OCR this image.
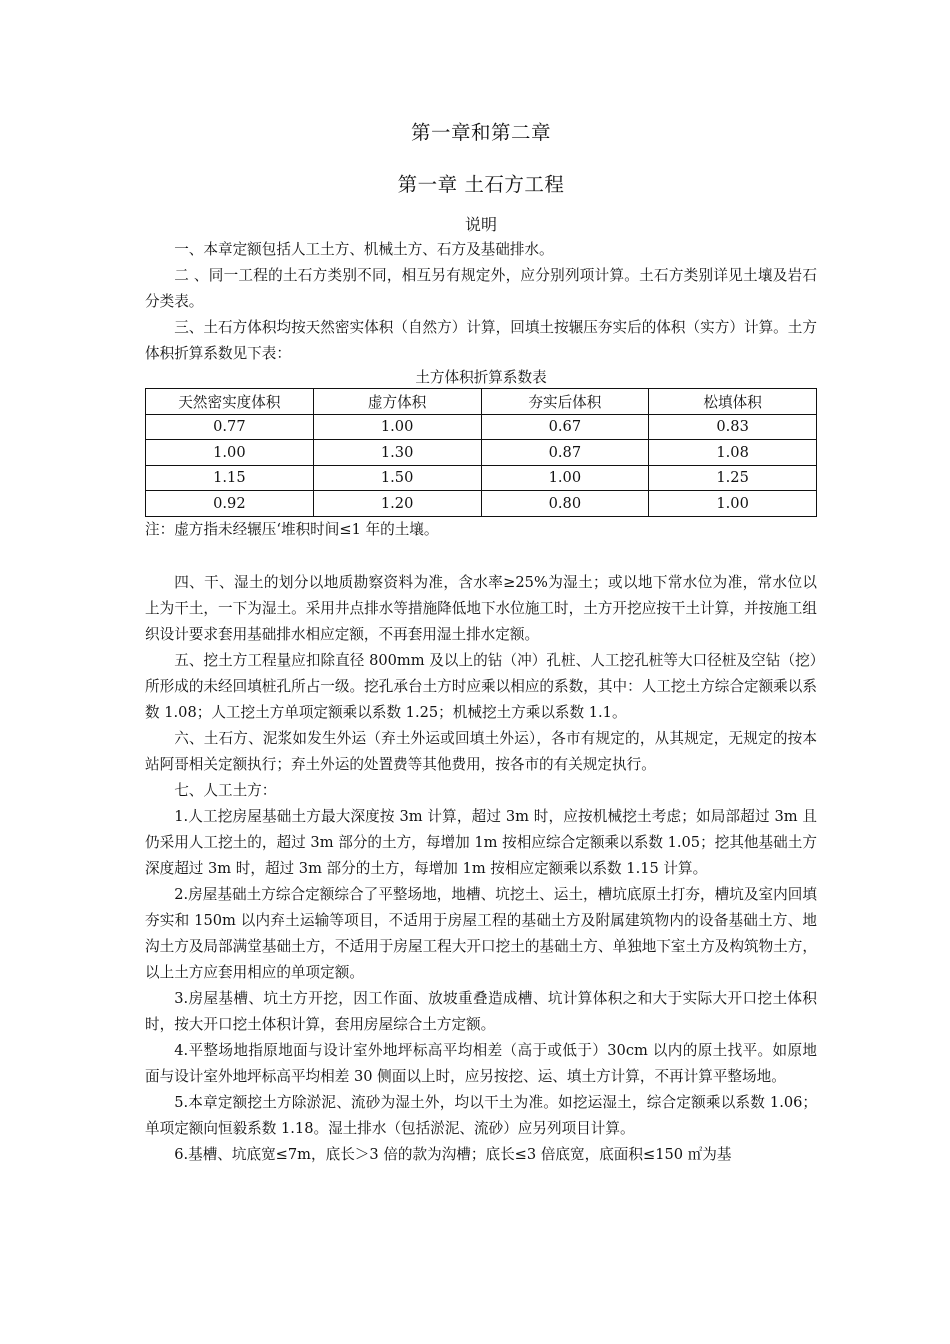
第一章和第二章
第一章 土石方工程
说明

一、本章定额包括人工土方、机械土方、石方及基础排水。

二 、同一工程的土石方类别不同，相互另有规定外，应分别列项计算。土石方类别详见土壤及岩石分类表。

三、土石方体积均按天然密实体积（自然方）计算，回填土按辗压夯实后的体积（实方）计算。土方体积折算系数见下表：

土方体积折算系数表
天然密实度体积	虚方体积	夯实后体积	松填体积
0.77	1.00	0.67	0.83
1.00	1.30	0.87	1.08
1.15	1.50	1.00	1.25
0.92	1.20	0.80	1.00
注：虚方指未经辗压‘堆积时间≤1 年的土壤。

四、干、湿土的划分以地质勘察资料为准，含水率≥25%为湿土；或以地下常水位为准，常水位以上为干土，一下为湿土。采用井点排水等措施降低地下水位施工时，土方开挖应按干土计算，并按施工组织设计要求套用基础排水相应定额，不再套用湿土排水定额。

五、挖土方工程量应扣除直径 800mm 及以上的钻（冲）孔桩、人工挖孔桩等大口径桩及空钻（挖）所形成的未经回填桩孔所占一级。挖孔承台土方时应乘以相应的系数，其中：人工挖土方综合定额乘以系数 1.08；人工挖土方单项定额乘以系数 1.25；机械挖土方乘以系数 1.1。

六、土石方、泥浆如发生外运（弃土外运或回填土外运），各市有规定的，从其规定，无规定的按本站阿哥相关定额执行；弃土外运的处置费等其他费用，按各市的有关规定执行。

七、人工土方：

1.人工挖房屋基础土方最大深度按 3m 计算，超过 3m 时，应按机械挖土考虑；如局部超过 3m 且仍采用人工挖土的，超过 3m 部分的土方，每增加 1m 按相应综合定额乘以系数 1.05；挖其他基础土方深度超过 3m 时，超过 3m 部分的土方，每增加 1m 按相应定额乘以系数 1.15 计算。

2.房屋基础土方综合定额综合了平整场地，地槽、坑挖土、运土，槽坑底原土打夯，槽坑及室内回填夯实和 150m 以内弃土运输等项目，不适用于房屋工程的基础土方及附属建筑物内的设备基础土方、地沟土方及局部满堂基础土方，不适用于房屋工程大开口挖土的基础土方、单独地下室土方及构筑物土方，以上土方应套用相应的单项定额。

3.房屋基槽、坑土方开挖，因工作面、放坡重叠造成槽、坑计算体积之和大于实际大开口挖土体积时，按大开口挖土体积计算，套用房屋综合土方定额。

4.平整场地指原地面与设计室外地坪标高平均相差（高于或低于）30cm 以内的原土找平。如原地面与设计室外地坪标高平均相差 30 侧面以上时，应另按挖、运、填土方计算，不再计算平整场地。

5.本章定额挖土方除淤泥、流砂为湿土外，均以干土为准。如挖运湿土，综合定额乘以系数 1.06；单项定额向恒毅系数 1.18。湿土排水（包括淤泥、流砂）应另列项目计算。

6.基槽、坑底宽≤7m，底长＞3 倍的款为沟槽；底长≤3 倍底宽，底面积≤150 ㎡为基
